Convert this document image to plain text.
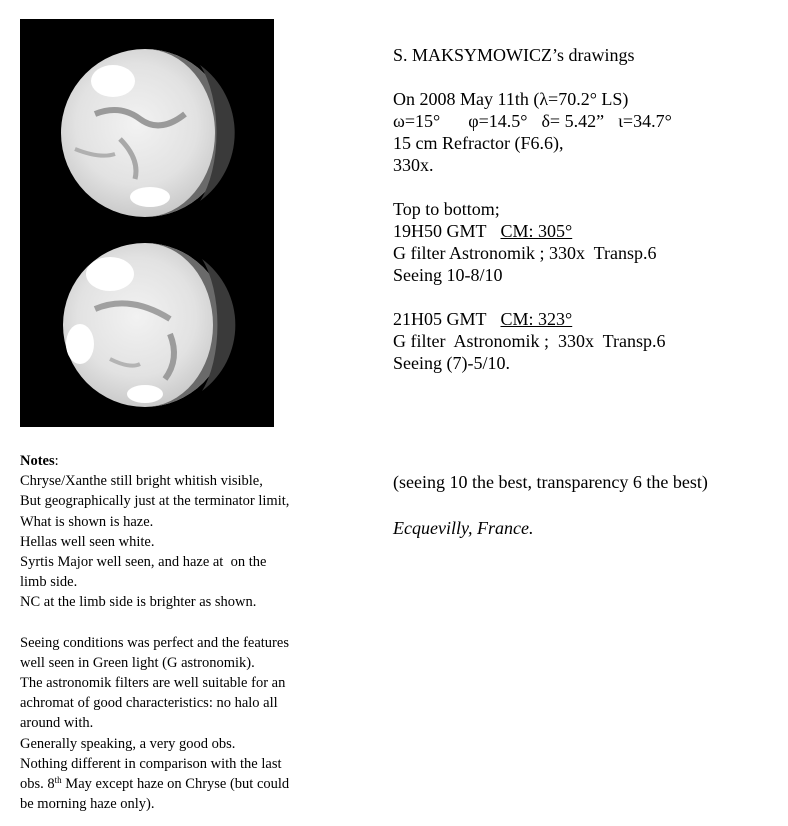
S. MAKSYMOWICZ’s drawings

On 2008 May 11th (λ=70.2° LS)

ω=15° φ=14.5° δ= 5.42” ι=34.7°

15 cm Refractor (F6.6),

330x.

Top to bottom;

19H50 GMT CM: 305°

G filter Astronomik ; 330x  Transp.6

Seeing 10-8/10

21H05 GMT CM: 323°

G filter  Astronomik ;  330x  Transp.6

Seeing (7)-5/10.

(seeing 10 the best, transparency 6 the best)
Ecquevilly, France.

Notes:

Chryse/Xanthe still bright whitish visible,

But geographically just at the terminator limit,

What is shown is haze.

Hellas well seen white.

Syrtis Major well seen, and haze at  on the

limb side.

NC at the limb side is brighter as shown.

Seeing conditions was perfect and the features

well seen in Green light (G astronomik).

The astronomik filters are well suitable for an

achromat of good characteristics: no halo all

around with.

Generally speaking, a very good obs.

Nothing different in comparison with the last

obs. 8th May except haze on Chryse (but could

be morning haze only).
